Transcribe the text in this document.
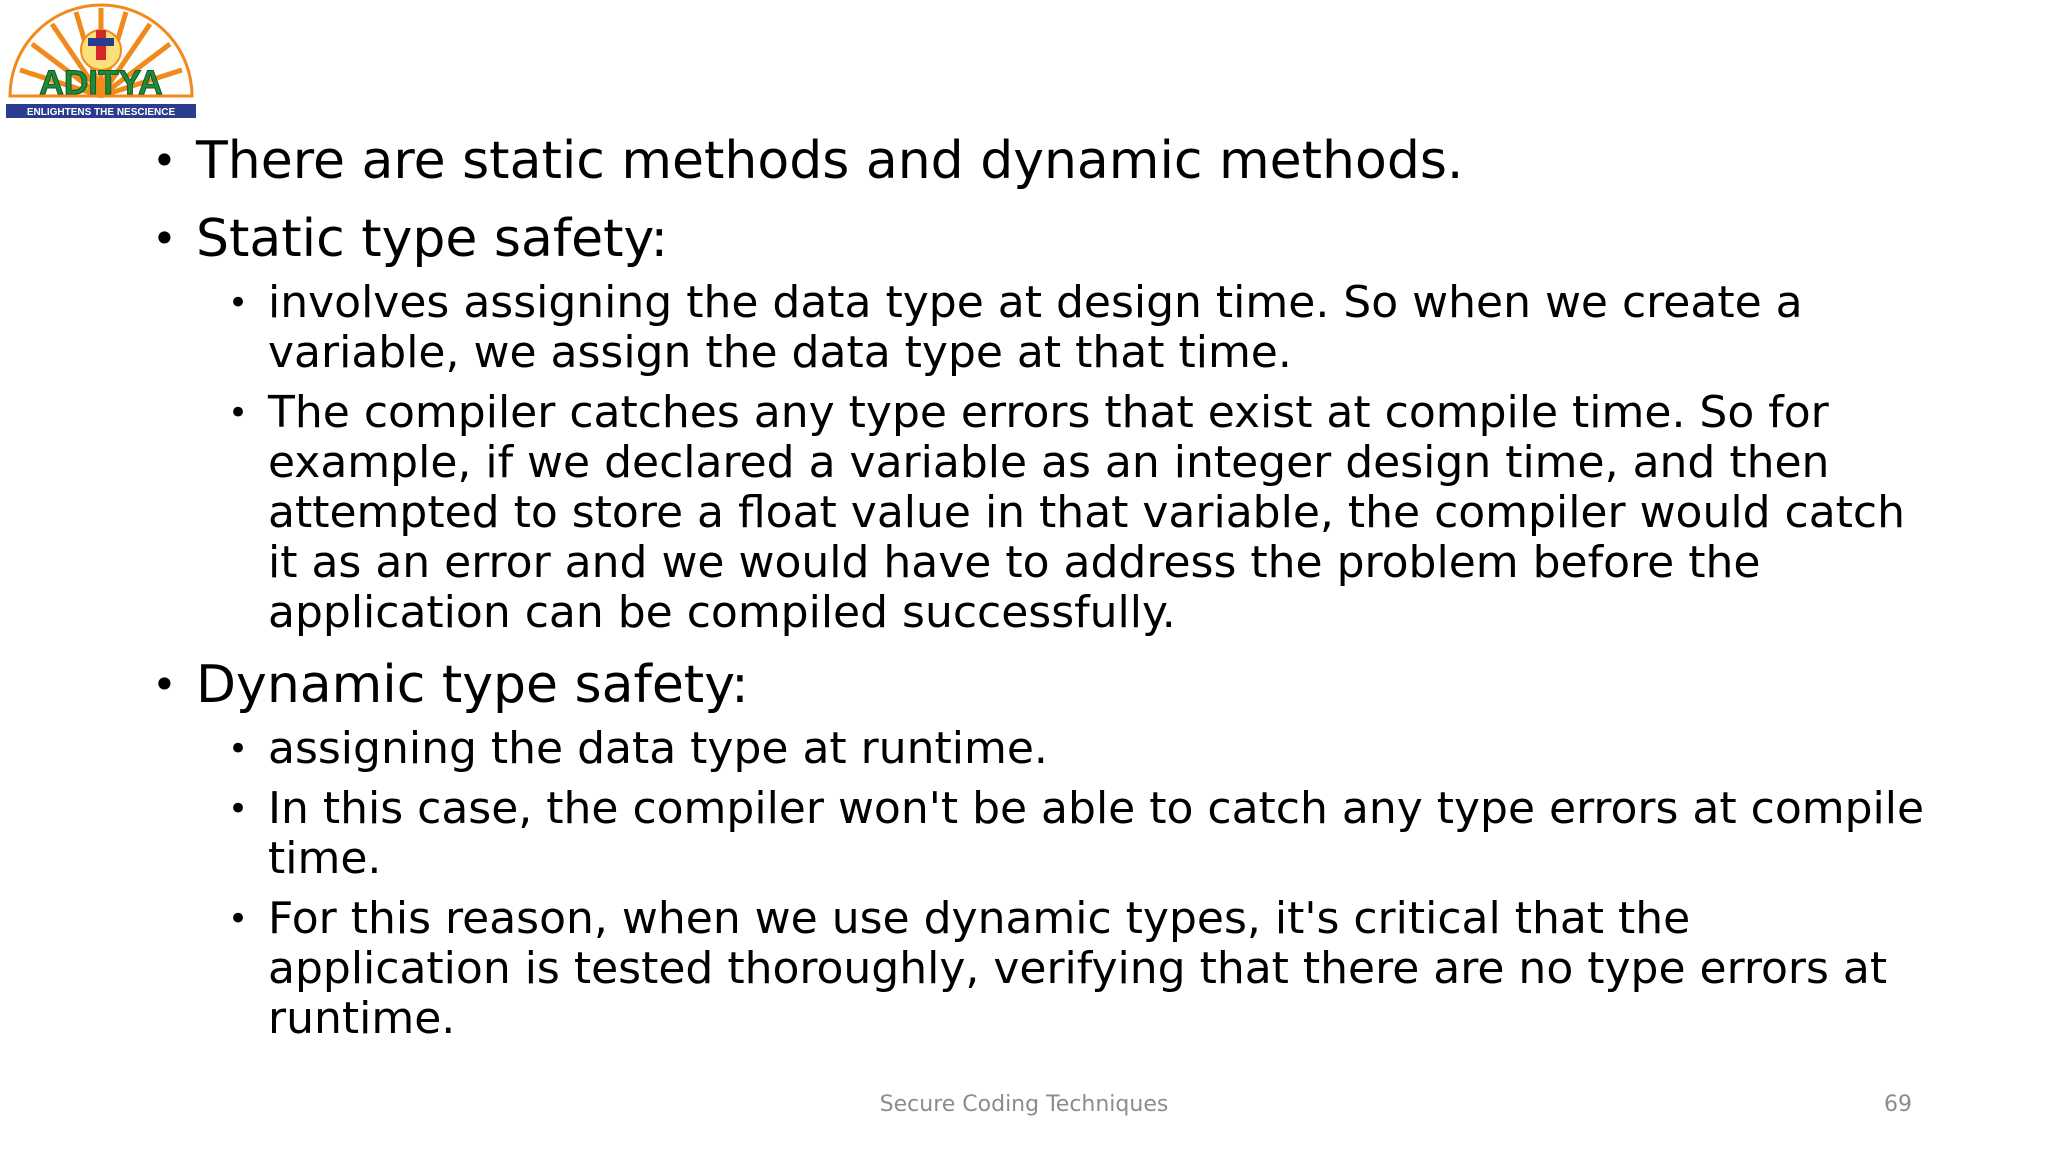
ADITYA
ENLIGHTENS THE NESCIENCE
• There are static methods and dynamic methods.
• Static type safety:
• involves assigning the data type at design time. So when we create a variable, we assign the data type at that time.
• The compiler catches any type errors that exist at compile time. So for example, if we declared a variable as an integer design time, and then attempted to store a float value in that variable, the compiler would catch it as an error and we would have to address the problem before the application can be compiled successfully.
• Dynamic type safety:
• assigning the data type at runtime.
• In this case, the compiler won't be able to catch any type errors at compile time.
• For this reason, when we use dynamic types, it's critical that the application is tested thoroughly, verifying that there are no type errors at runtime.
Secure Coding Techniques	69
